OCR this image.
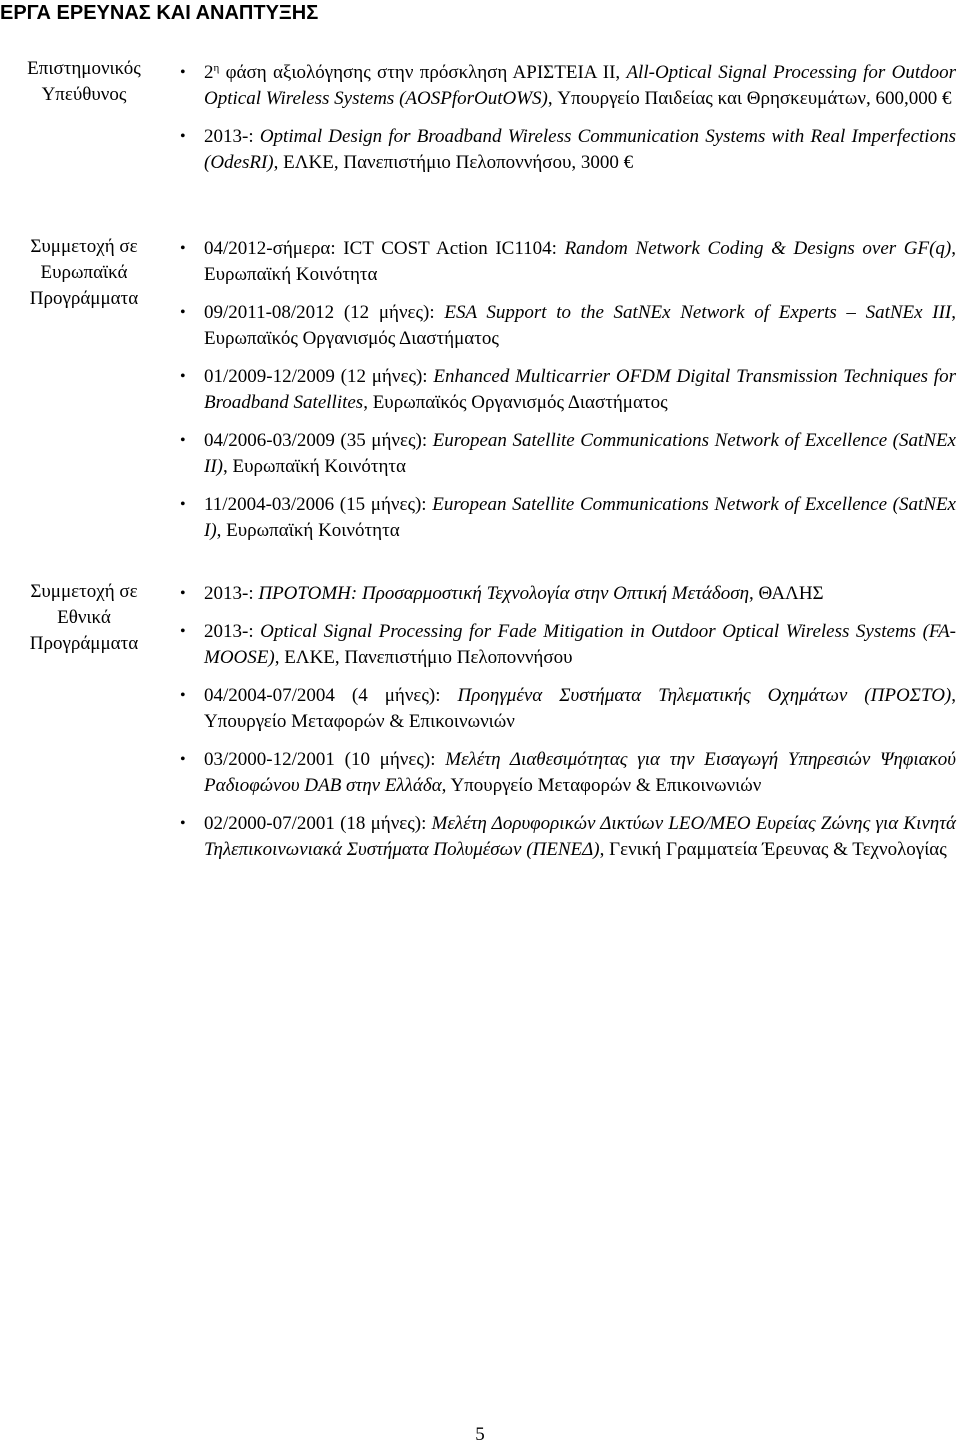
ΕΡΓΑ ΕΡΕΥΝΑΣ ΚΑΙ ΑΝΑΠΤΥΞΗΣ
Επιστημονικός
Υπεύθυνος
• $2^\eta$ φάση αξιολόγησης στην πρόσκληση ΑΡΙΣΤΕΙΑ ΙΙ, All-Optical Signal Processing for Outdoor Optical Wireless Systems (AOSPforOutOWS), Υπουργείο Παιδείας και Θρησκευμάτων, 600,000 €
• 2013-: Optimal Design for Broadband Wireless Communication Systems with Real Imperfections (OdesRI), ΕΛΚΕ, Πανεπιστήμιο Πελοποννήσου, 3000 €
Συμμετοχή σε
Ευρωπαϊκά
Προγράμματα
• 04/2012-σήμερα: ICT COST Action IC1104: Random Network Coding & Designs over GF(q), Ευρωπαϊκή Κοινότητα
• 09/2011-08/2012 (12 μήνες): ESA Support to the SatNEx Network of Experts – SatNEx III, Ευρωπαϊκός Οργανισμός Διαστήματος
• 01/2009-12/2009 (12 μήνες): Enhanced Multicarrier OFDM Digital Transmission Techniques for Broadband Satellites, Ευρωπαϊκός Οργανισμός Διαστήματος
• 04/2006-03/2009 (35 μήνες): European Satellite Communications Network of Excellence (SatNEx II), Ευρωπαϊκή Κοινότητα
• 11/2004-03/2006 (15 μήνες): European Satellite Communications Network of Excellence (SatNEx I), Ευρωπαϊκή Κοινότητα
Συμμετοχή σε
Εθνικά
Προγράμματα
• 2013-: ΠΡΟΤΟΜΗ: Προσαρμοστική Τεχνολογία στην Οπτική Μετάδοση, ΘΑΛΗΣ
• 2013-: Optical Signal Processing for Fade Mitigation in Outdoor Optical Wireless Systems (FA-MOOSE), ΕΛΚΕ, Πανεπιστήμιο Πελοποννήσου
• 04/2004-07/2004 (4 μήνες): Προηγμένα Συστήματα Τηλεματικής Οχημάτων (ΠΡΟΣΤΟ), Υπουργείο Μεταφορών & Επικοινωνιών
• 03/2000-12/2001 (10 μήνες): Μελέτη Διαθεσιμότητας για την Εισαγωγή Υπηρεσιών Ψηφιακού Ραδιοφώνου DAB στην Ελλάδα, Υπουργείο Μεταφορών & Επικοινωνιών
• 02/2000-07/2001 (18 μήνες): Μελέτη Δορυφορικών Δικτύων LEO/MEO Ευρείας Ζώνης για Κινητά Τηλεπικοινωνιακά Συστήματα Πολυμέσων (ΠΕΝΕΔ), Γενική Γραμματεία Έρευνας & Τεχνολογίας
5
